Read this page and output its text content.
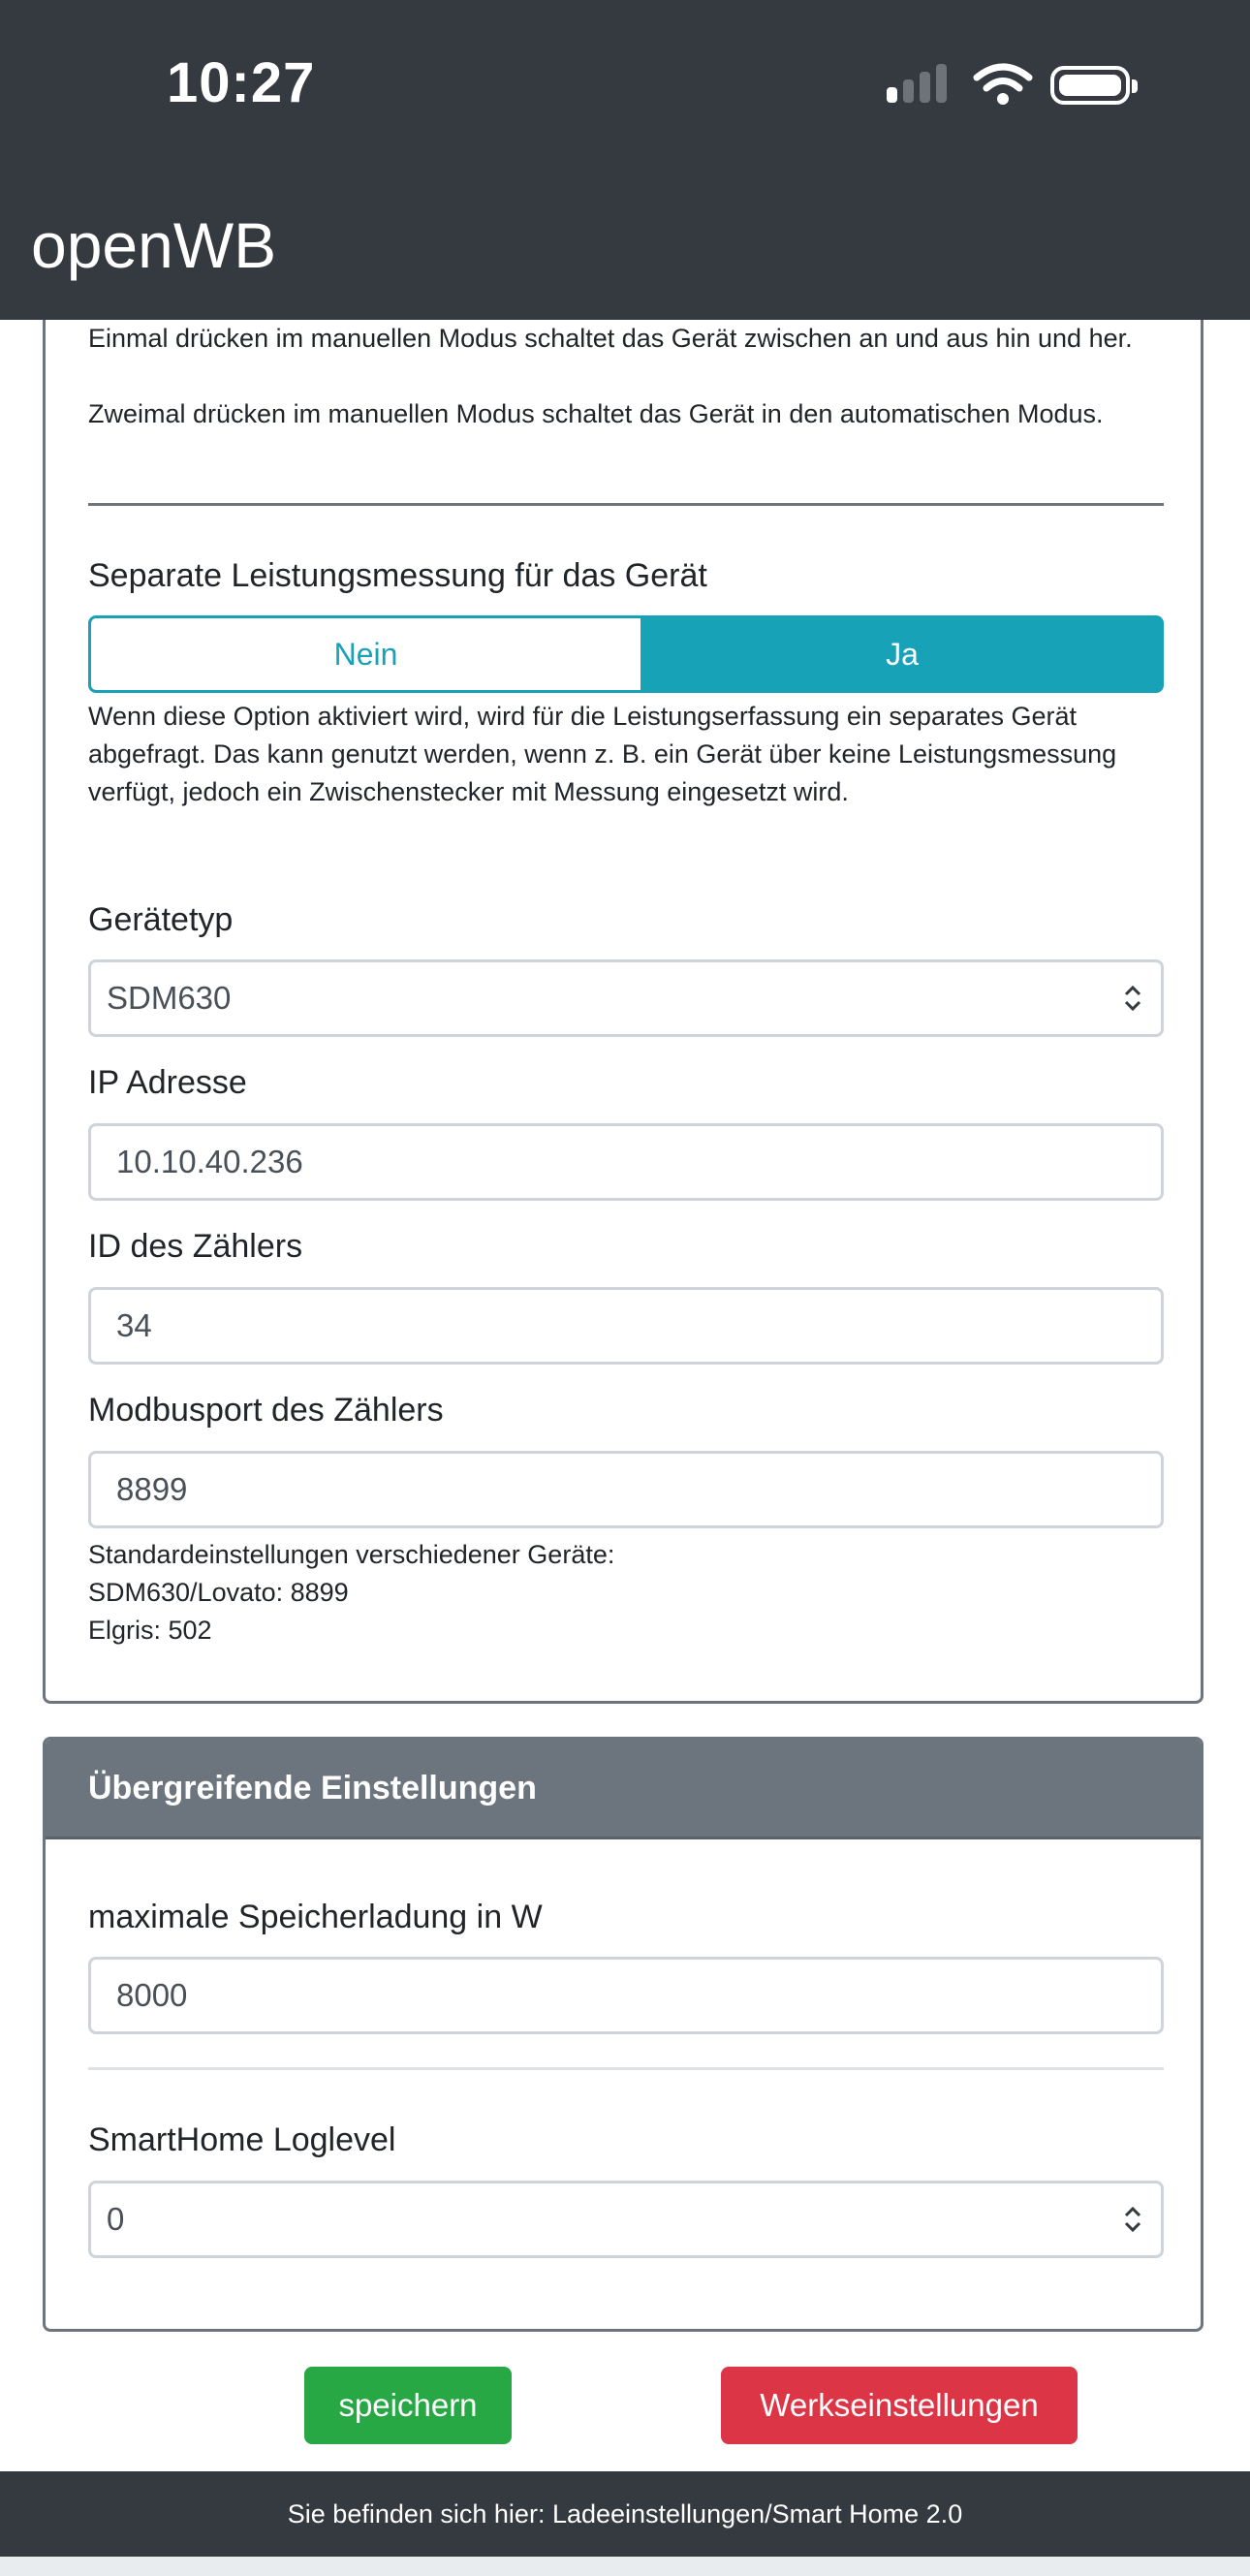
10:27
openWB
Einmal drücken im manuellen Modus schaltet das Gerät zwischen an und aus hin und her.
Zweimal drücken im manuellen Modus schaltet das Gerät in den automatischen Modus.
Separate Leistungsmessung für das Gerät
Nein	Ja
Wenn diese Option aktiviert wird, wird für die Leistungserfassung ein separates Gerät abgefragt. Das kann genutzt werden, wenn z. B. ein Gerät über keine Leistungsmessung verfügt, jedoch ein Zwischenstecker mit Messung eingesetzt wird.
Gerätetyp
SDM630
IP Adresse
10.10.40.236
ID des Zählers
34
Modbusport des Zählers
8899
Standardeinstellungen verschiedener Geräte:
SDM630/Lovato: 8899
Elgris: 502
Übergreifende Einstellungen
maximale Speicherladung in W
8000
SmartHome Loglevel
0
speichern	Werkseinstellungen
Sie befinden sich hier: Ladeeinstellungen/Smart Home 2.0
